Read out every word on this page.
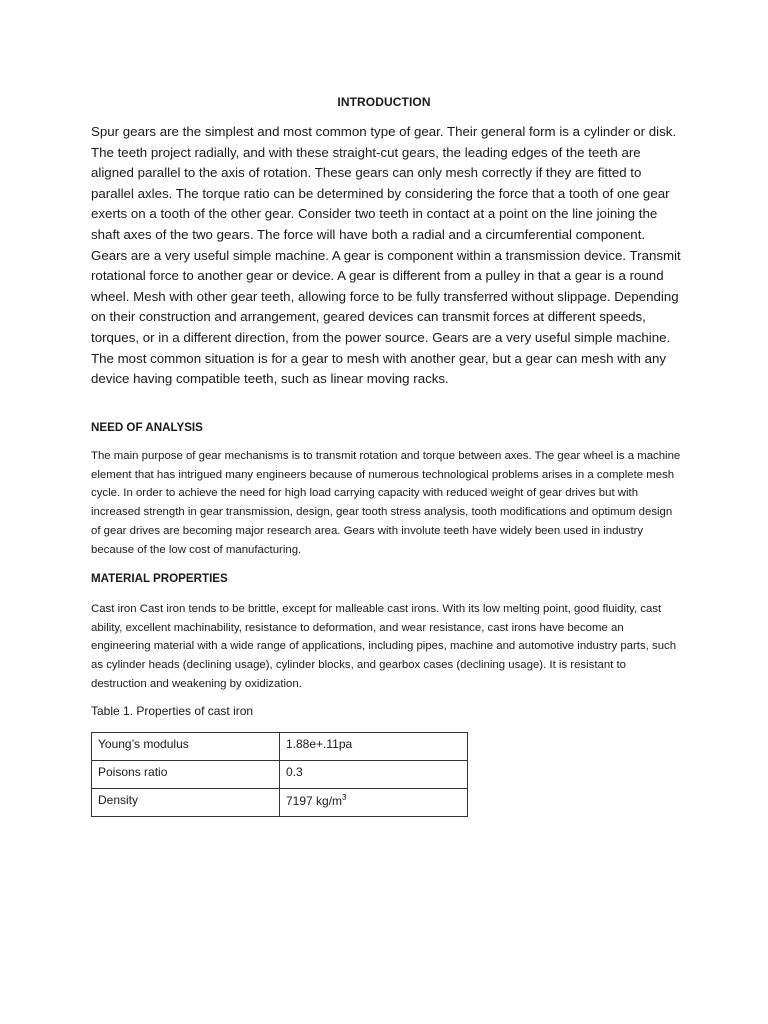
INTRODUCTION

Spur gears are the simplest and most common type of gear. Their general form is a cylinder or disk. The teeth project radially, and with these straight-cut gears, the leading edges of the teeth are aligned parallel to the axis of rotation. These gears can only mesh correctly if they are fitted to parallel axles. The torque ratio can be determined by considering the force that a tooth of one gear exerts on a tooth of the other gear. Consider two teeth in contact at a point on the line joining the shaft axes of the two gears. The force will have both a radial and a circumferential component. Gears are a very useful simple machine. A gear is component within a transmission device. Transmit rotational force to another gear or device. A gear is different from a pulley in that a gear is a round wheel. Mesh with other gear teeth, allowing force to be fully transferred without slippage. Depending on their construction and arrangement, geared devices can transmit forces at different speeds, torques, or in a different direction, from the power source. Gears are a very useful simple machine. The most common situation is for a gear to mesh with another gear, but a gear can mesh with any device having compatible teeth, such as linear moving racks.

NEED OF ANALYSIS

The main purpose of gear mechanisms is to transmit rotation and torque between axes. The gear wheel is a machine element that has intrigued many engineers because of numerous technological problems arises in a complete mesh cycle. In order to achieve the need for high load carrying capacity with reduced weight of gear drives but with increased strength in gear transmission, design, gear tooth stress analysis, tooth modifications and optimum design of gear drives are becoming major research area. Gears with involute teeth have widely been used in industry because of the low cost of manufacturing.

MATERIAL PROPERTIES

Cast iron Cast iron tends to be brittle, except for malleable cast irons. With its low melting point, good fluidity, cast ability, excellent machinability, resistance to deformation, and wear resistance, cast irons have become an engineering material with a wide range of applications, including pipes, machine and automotive industry parts, such as cylinder heads (declining usage), cylinder blocks, and gearbox cases (declining usage). It is resistant to destruction and weakening by oxidization.

Table 1. Properties of cast iron

Young’s modulus	1.88e+.11pa
Poisons ratio	0.3
Density	7197 $kg/m^3$
